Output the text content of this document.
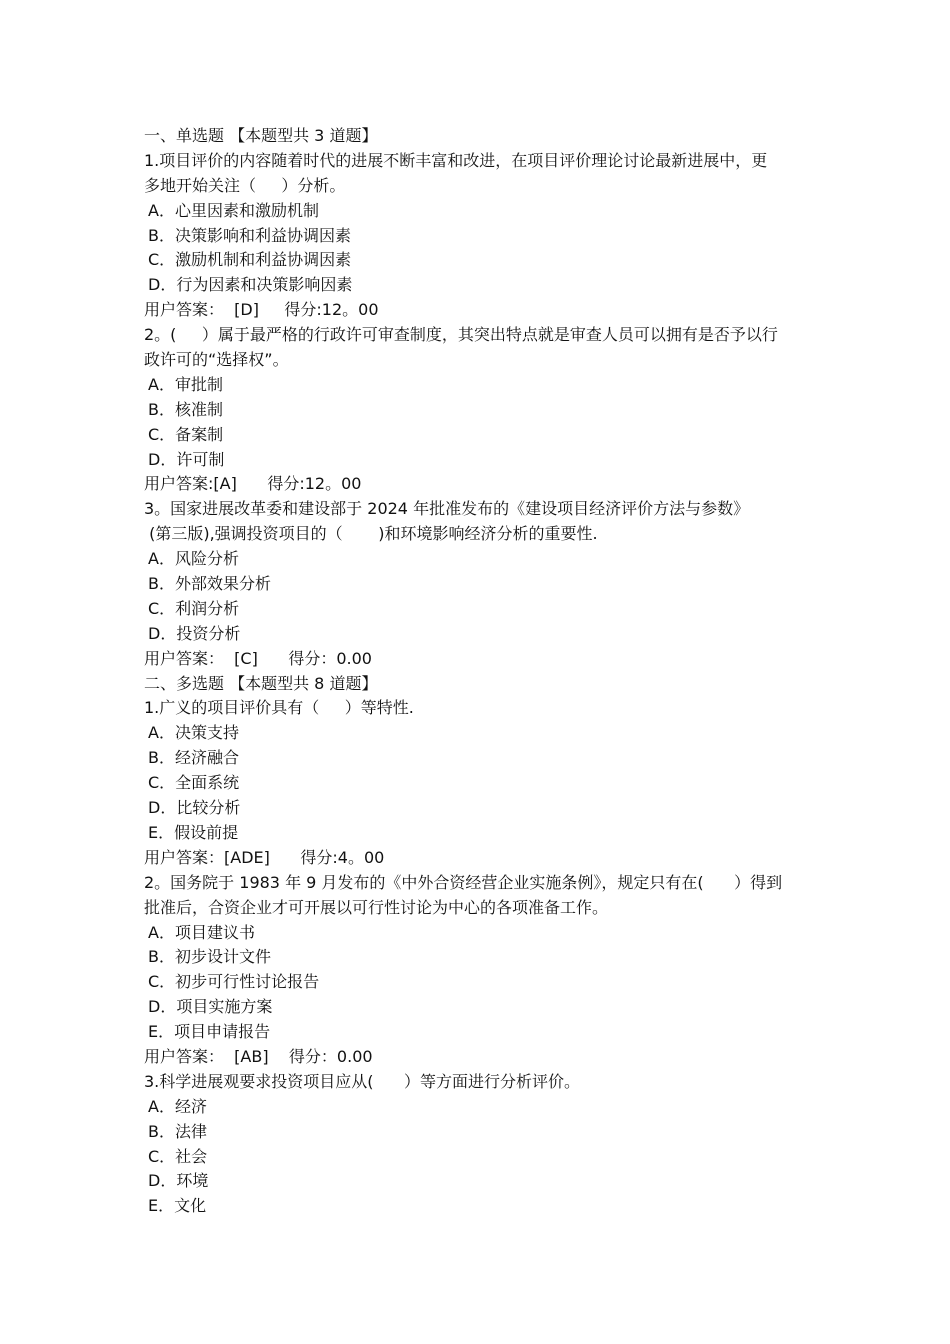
一、单选题 【本题型共 3 道题】
1.项目评价的内容随着时代的进展不断丰富和改进，在项目评价理论讨论最新进展中，更
多地开始关注（     ）分析。
A．心里因素和激励机制
B．决策影响和利益协调因素
C．激励机制和利益协调因素
D．行为因素和决策影响因素
用户答案：  [D]     得分:12。00
2。(     ）属于最严格的行政许可审查制度，其突出特点就是审查人员可以拥有是否予以行
政许可的“选择权”。
A．审批制
B．核准制
C．备案制
D．许可制
用户答案:[A]      得分:12。00
3。国家进展改革委和建设部于 2024 年批准发布的《建设项目经济评价方法与参数》
(第三版),强调投资项目的（       )和环境影响经济分析的重要性.
A．风险分析
B．外部效果分析
C．利润分析
D．投资分析
用户答案：  [C]      得分：0.00
二、多选题 【本题型共 8 道题】
1.广义的项目评价具有（     ）等特性.
A．决策支持
B．经济融合
C．全面系统
D．比较分析
E．假设前提
用户答案：[ADE]      得分:4。00
2。国务院于 1983 年 9 月发布的《中外合资经营企业实施条例》，规定只有在(      ）得到
批准后，合资企业才可开展以可行性讨论为中心的各项准备工作。
A．项目建议书
B．初步设计文件
C．初步可行性讨论报告
D．项目实施方案
E．项目申请报告
用户答案：  [AB]    得分：0.00
3.科学进展观要求投资项目应从(      ）等方面进行分析评价。
A．经济
B．法律
C．社会
D．环境
E．文化
